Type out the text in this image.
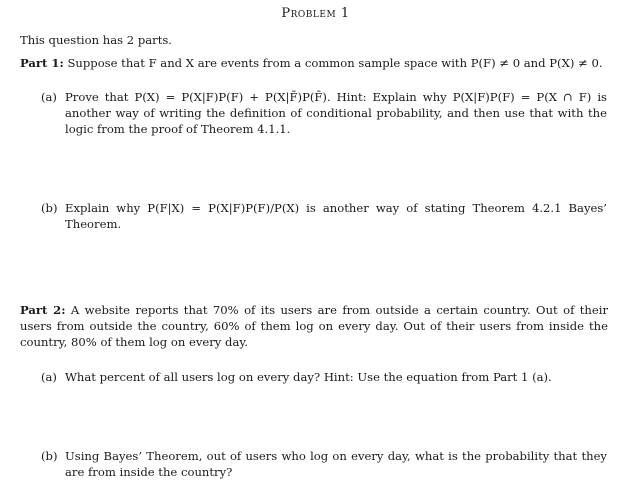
Problem 1
This question has 2 parts.
Part 1: Suppose that F and X are events from a common sample space with P(F) ≠ 0 and P(X) ≠ 0.
(a) Prove that P(X) = P(X|F)P(F) + P(X|F̄)P(F̄). Hint: Explain why P(X|F)P(F) = P(X ∩ F) is another way of writing the definition of conditional probability, and then use that with the logic from the proof of Theorem 4.1.1.
(b) Explain why P(F|X) = P(X|F)P(F)/P(X) is another way of stating Theorem 4.2.1 Bayes’ Theorem.
Part 2: A website reports that 70% of its users are from outside a certain country. Out of their users from outside the country, 60% of them log on every day. Out of their users from inside the country, 80% of them log on every day.
(a) What percent of all users log on every day? Hint: Use the equation from Part 1 (a).
(b) Using Bayes’ Theorem, out of users who log on every day, what is the probability that they are from inside the country?
